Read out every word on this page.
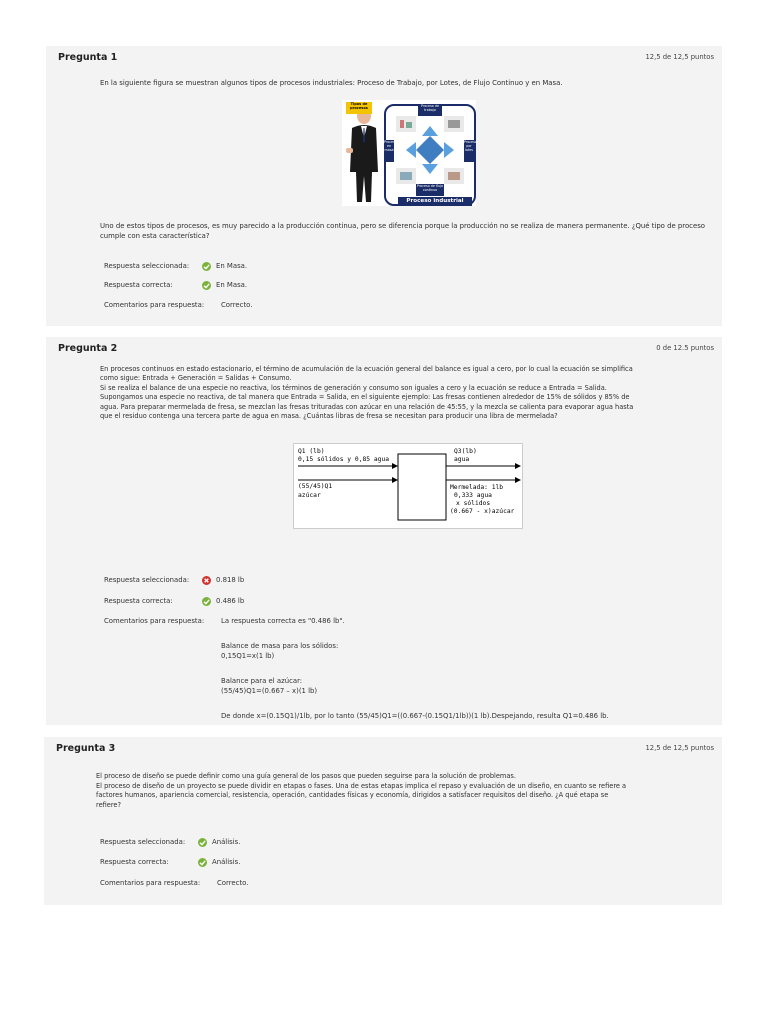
Pregunta 1	12,5 de 12,5 puntos
En la siguiente figura se muestran algunos tipos de procesos industriales: Proceso de Trabajo, por Lotes, de Flujo Continuo y en Masa.
Tipos de procesos	Proceso de trabajo
Proceso en masa
Proceso por lotes
Proceso de flujo continuo
Proceso industrial
Uno de estos tipos de procesos, es muy parecido a la producción continua, pero se diferencia porque la producción no se realiza de manera permanente. ¿Qué tipo de proceso cumple con esta característica?
Respuesta seleccionada:	En Masa.
Respuesta correcta:	En Masa.
Comentarios para respuesta: Correcto.
Pregunta 2	0 de 12.5 puntos
En procesos continuos en estado estacionario, el término de acumulación de la ecuación general del balance es igual a cero, por lo cual la ecuación se simplifica
como sigue: Entrada + Generación = Salidas + Consumo.
Si se realiza el balance de una especie no reactiva, los términos de generación y consumo son iguales a cero y la ecuación se reduce a Entrada = Salida.
Supongamos una especie no reactiva, de tal manera que Entrada = Salida, en el siguiente ejemplo: Las fresas contienen alrededor de 15% de sólidos y 85% de
agua. Para preparar mermelada de fresa, se mezclan las fresas trituradas con azúcar en una relación de 45:55, y la mezcla se calienta para evaporar agua hasta
que el residuo contenga una tercera parte de agua en masa. ¿Cuántas libras de fresa se necesitan para producir una libra de mermelada?
Q1 (lb)
0,15 sólidos y 0,85 agua
(55/45)Q1
azúcar
Q3(lb)
agua
Mermelada: 1lb
0,333 agua
x sólidos
(0.667 - x)azúcar
Respuesta seleccionada:	0.818 lb
Respuesta correcta:	0.486 lb
Comentarios para respuesta: La respuesta correcta es "0.486 lb".
Balance de masa para los sólidos:
0,15Q1=x(1 lb)
Balance para el azúcar:
(55/45)Q1=(0.667 – x)(1 lb)
De donde x=(0.15Q1)/1lb, por lo tanto (55/45)Q1=((0.667-(0.15Q1/1lb))(1 lb).Despejando, resulta Q1=0.486 lb.
Pregunta 3	12,5 de 12,5 puntos
El proceso de diseño se puede definir como una guía general de los pasos que pueden seguirse para la solución de problemas.
El proceso de diseño de un proyecto se puede dividir en etapas o fases. Una de estas etapas implica el repaso y evaluación de un diseño, en cuanto se refiere a
factores humanos, apariencia comercial, resistencia, operación, cantidades físicas y economía, dirigidos a satisfacer requisitos del diseño. ¿A qué etapa se
refiere?
Respuesta seleccionada:	Análisis.
Respuesta correcta:	Análisis.
Comentarios para respuesta: Correcto.
